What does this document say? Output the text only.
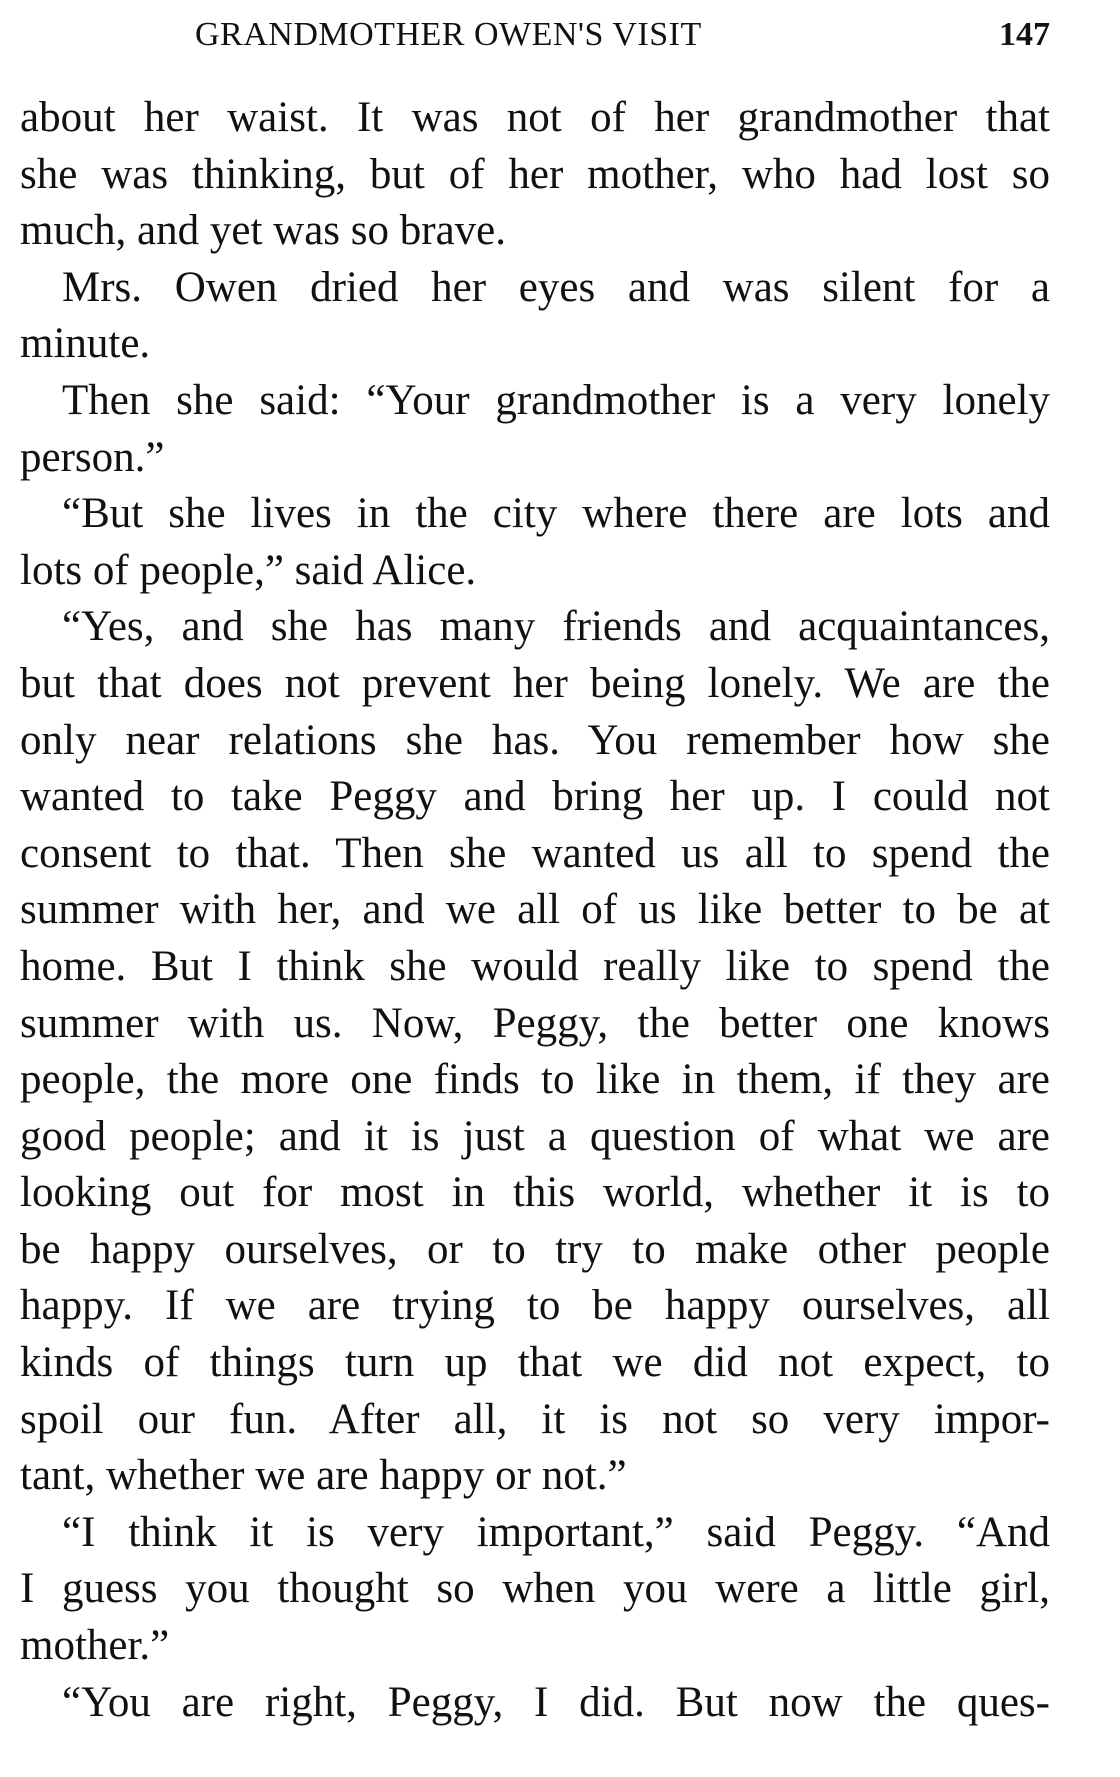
GRANDMOTHER OWEN'S VISIT	147
about her waist. It was not of her grandmother that
she was thinking, but of her mother, who had lost so
much, and yet was so brave.
Mrs. Owen dried her eyes and was silent for a
minute.
Then she said: “Your grandmother is a very lonely
person.”
“But she lives in the city where there are lots and
lots of people,” said Alice.
“Yes, and she has many friends and acquaintances,
but that does not prevent her being lonely. We are the
only near relations she has. You remember how she
wanted to take Peggy and bring her up. I could not
consent to that. Then she wanted us all to spend the
summer with her, and we all of us like better to be at
home. But I think she would really like to spend the
summer with us. Now, Peggy, the better one knows
people, the more one finds to like in them, if they are
good people; and it is just a question of what we are
looking out for most in this world, whether it is to
be happy ourselves, or to try to make other people
happy. If we are trying to be happy ourselves, all
kinds of things turn up that we did not expect, to
spoil our fun. After all, it is not so very impor-
tant, whether we are happy or not.”
“I think it is very important,” said Peggy. “And
I guess you thought so when you were a little girl,
mother.”
“You are right, Peggy, I did. But now the ques-
